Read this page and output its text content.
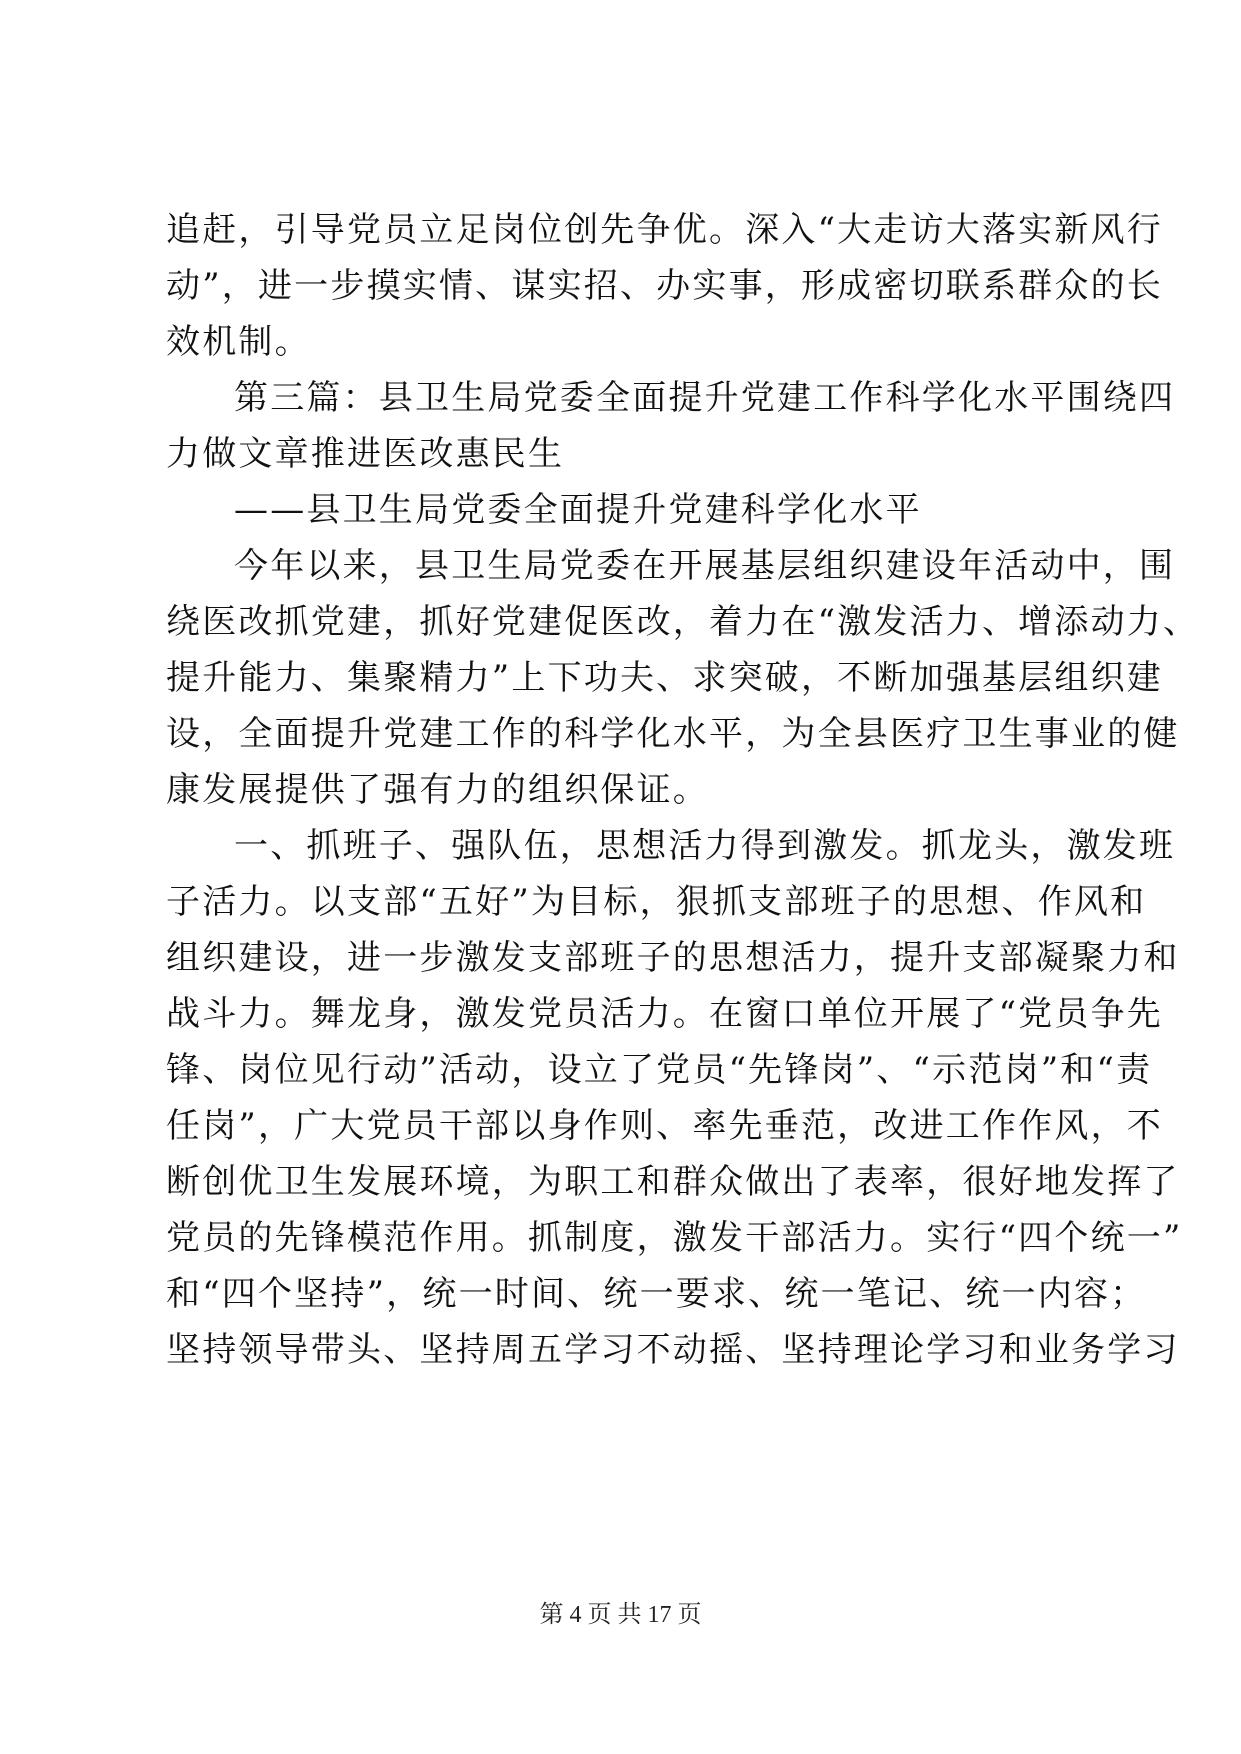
追赶，引导党员立足岗位创先争优。深入“大走访大落实新风行
动”，进一步摸实情、谋实招、办实事，形成密切联系群众的长
效机制。
第三篇：县卫生局党委全面提升党建工作科学化水平围绕四
力做文章推进医改惠民生
——县卫生局党委全面提升党建科学化水平
今年以来，县卫生局党委在开展基层组织建设年活动中，围
绕医改抓党建，抓好党建促医改，着力在“激发活力、增添动力、
提升能力、集聚精力”上下功夫、求突破，不断加强基层组织建
设，全面提升党建工作的科学化水平，为全县医疗卫生事业的健
康发展提供了强有力的组织保证。
一、抓班子、强队伍，思想活力得到激发。抓龙头，激发班
子活力。以支部“五好”为目标，狠抓支部班子的思想、作风和
组织建设，进一步激发支部班子的思想活力，提升支部凝聚力和
战斗力。舞龙身，激发党员活力。在窗口单位开展了“党员争先
锋、岗位见行动”活动，设立了党员“先锋岗”、“示范岗”和“责
任岗”，广大党员干部以身作则、率先垂范，改进工作作风，不
断创优卫生发展环境，为职工和群众做出了表率，很好地发挥了
党员的先锋模范作用。抓制度，激发干部活力。实行“四个统一”
和“四个坚持”，统一时间、统一要求、统一笔记、统一内容；
坚持领导带头、坚持周五学习不动摇、坚持理论学习和业务学习
第 4 页 共 17 页
